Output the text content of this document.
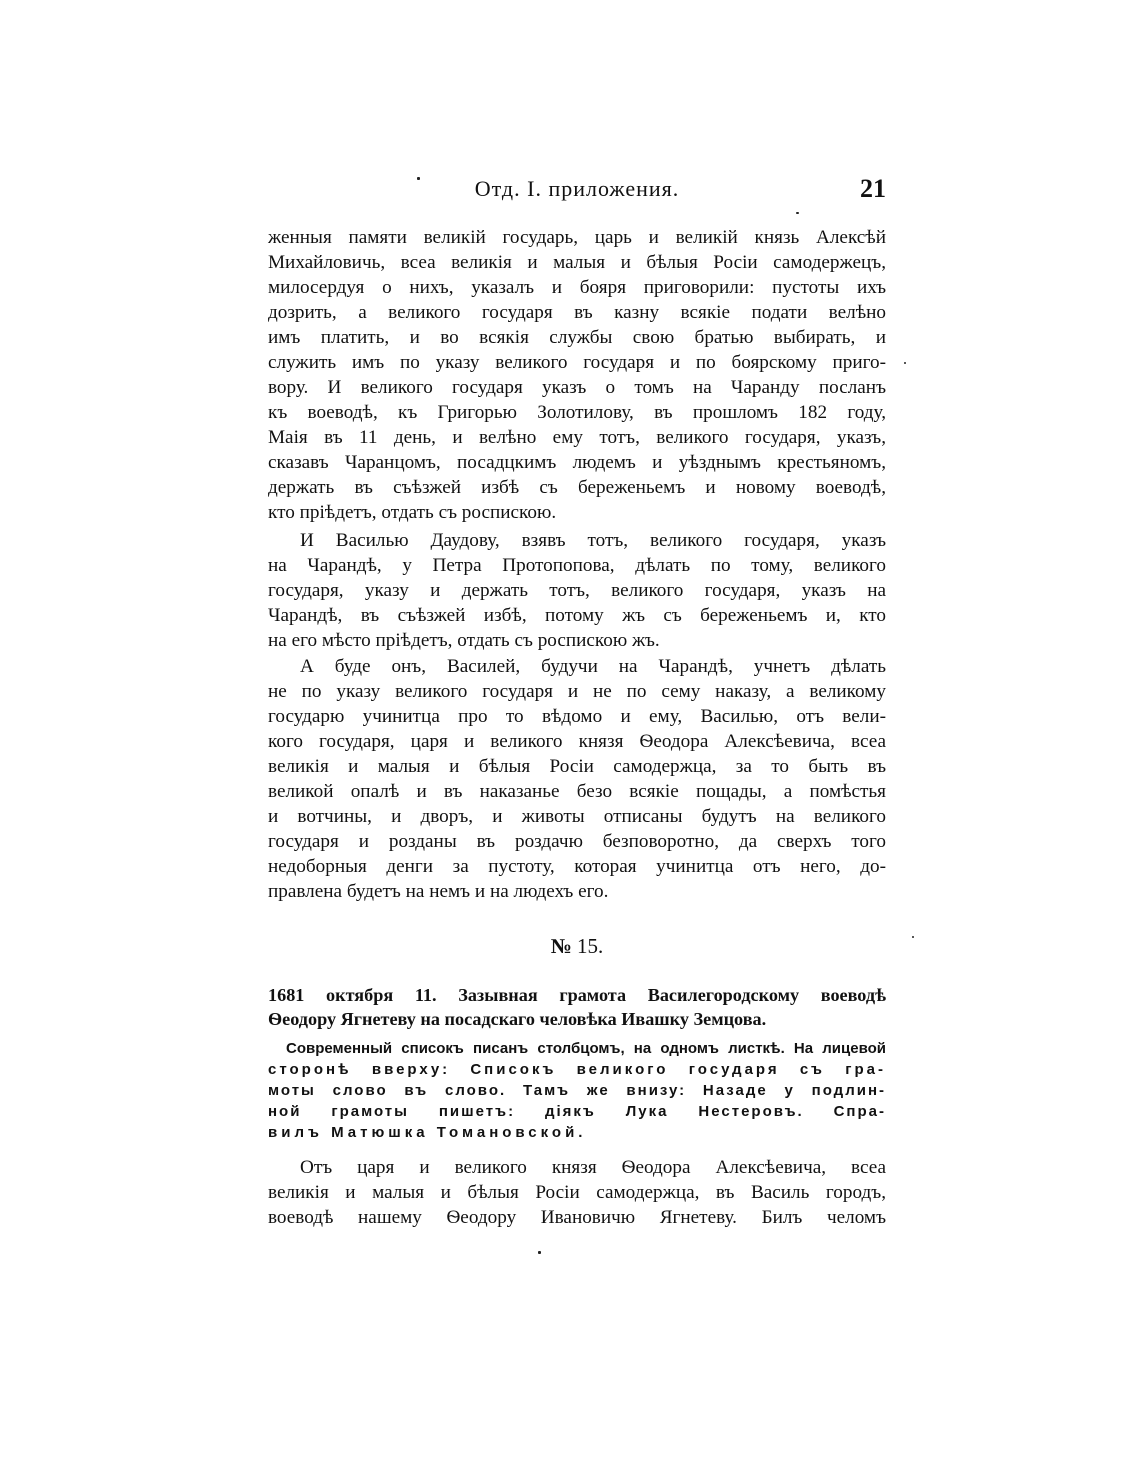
Отд. I. приложения.	21
женныя памяти великій государь, царь и великій князь Алексѣй
Михайловичь, всеа великія и малыя и бѣлыя Росіи самодержецъ,
милосердуя о нихъ, указалъ и бояря приговорили: пустоты ихъ
дозрить, а великого государя въ казну всякіе подати велѣно
имъ платить, и во всякія службы свою братью выбирать, и
служить имъ по указу великого государя и по боярскому приго-
вору. И великого государя указъ о томъ на Чаранду посланъ
къ воеводѣ, къ Григорью Золотилову, въ прошломъ 182 году,
Маія въ 11 день, и велѣно ему тотъ, великого государя, указъ,
сказавъ Чаранцомъ, посадцкимъ людемъ и уѣзднымъ крестьяномъ,
держать въ съѣзжей избѣ съ береженьемъ и новому воеводѣ,
кто пріѣдетъ, отдать съ роспискою.
И Василью Даудову, взявъ тотъ, великого государя, указъ
на Чарандѣ, у Петра Протопопова, дѣлать по тому, великого
государя, указу и держать тотъ, великого государя, указъ на
Чарандѣ, въ съѣзжей избѣ, потому жъ съ береженьемъ и, кто
на его мѣсто пріѣдетъ, отдать съ роспискою жъ.
А буде онъ, Василей, будучи на Чарандѣ, учнетъ дѣлать
не по указу великого государя и не по сему наказу, а великому
государю учинитца про то вѣдомо и ему, Василью, отъ вели-
кого государя, царя и великого князя Ѳеодора Алексѣевича, всеа
великія и малыя и бѣлыя Росіи самодержца, за то быть въ
великой опалѣ и въ наказанье безо всякіе пощады, а помѣстья
и вотчины, и дворъ, и животы отписаны будутъ на великого
государя и розданы въ роздачю безповоротно, да сверхъ того
недоборныя денги за пустоту, которая учинитца отъ него, до-
правлена будетъ на немъ и на людехъ его.
№ 15.
1681 октября 11. Зазывная грамота Василегородскому воеводѣ
Ѳеодору Ягнетеву на посадскаго человѣка Ивашку Земцова.
Современный списокъ писанъ столбцомъ, на одномъ листкѣ. На лицевой
сторонѣ вверху: Списокъ великого государя съ гра-
моты слово въ слово. Тамъ же внизу: Назаде у подлин-
ной грамоты пишетъ: діякъ Лука Нестеровъ. Спра-
вилъ Матюшка Томановской.
Отъ царя и великого князя Ѳеодора Алексѣевича, всеа
великія и малыя и бѣлыя Росіи самодержца, въ Василь городъ,
воеводѣ нашему Ѳеодору Ивановичю Ягнетеву. Билъ челомъ
